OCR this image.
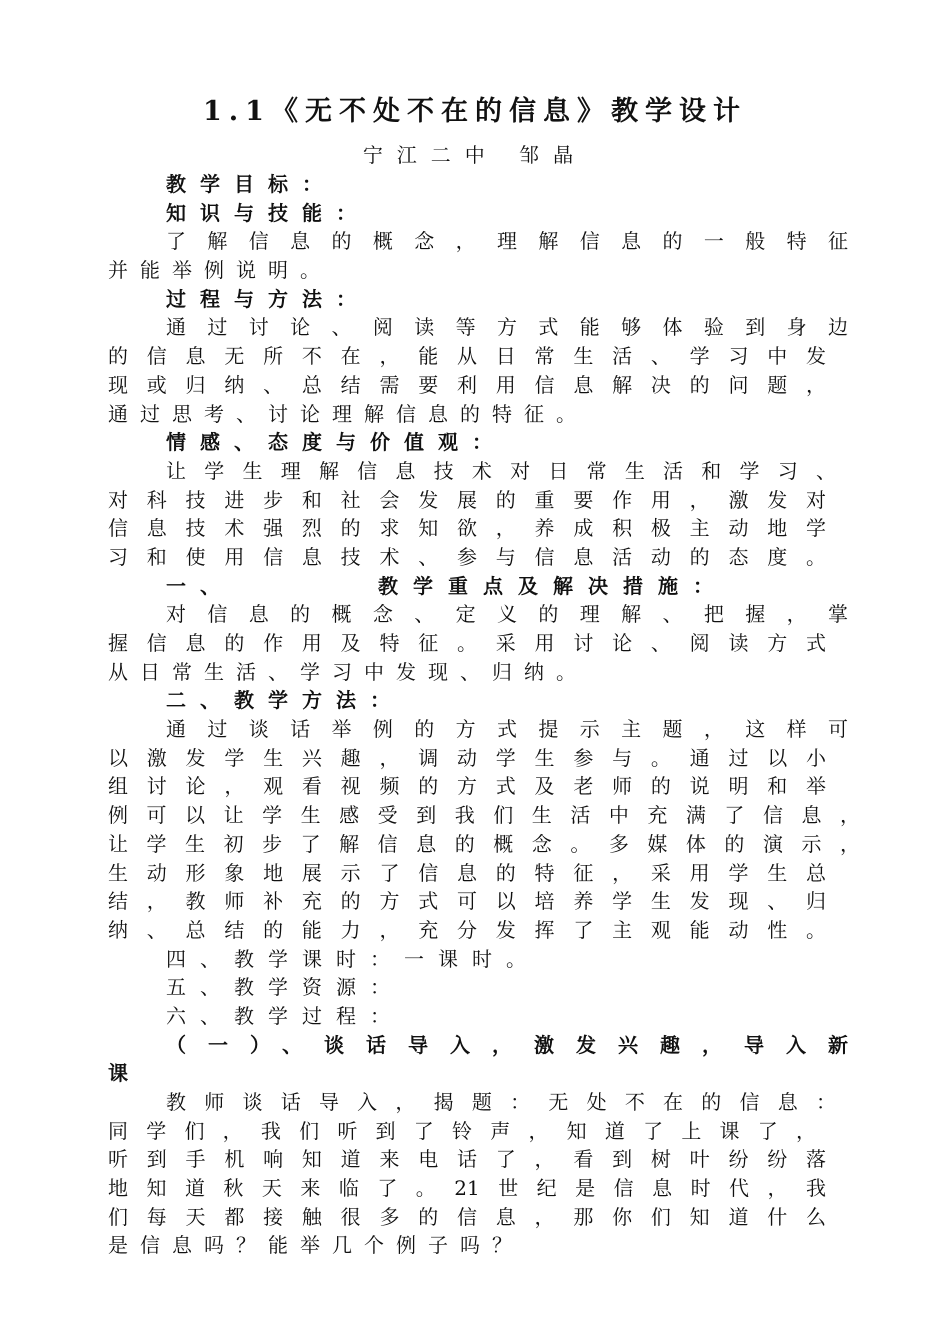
1.1《无不处不在的信息》教学设计
宁江二中 邹晶
教学目标：
知识与技能：
了解信息的概念，理解信息的一般特征
并能举例说明。
过程与方法：
通过讨论、阅读等方式能够体验到身边
的信息无所不在，能从日常生活、学习中发
现或归纳、总结需要利用信息解决的问题，
通过思考、讨论理解信息的特征。
情感、态度与价值观：
让学生理解信息技术对日常生活和学习、
对科技进步和社会发展的重要作用，激发对
信息技术强烈的求知欲，养成积极主动地学
习和使用信息技术、参与信息活动的态度。
一、	教学重点及解决措施：
对信息的概念、定义的理解、把握，掌
握信息的作用及特征。采用讨论、阅读方式
从日常生活、学习中发现、归纳。
二、教学方法：
通过谈话举例的方式提示主题，这样可
以激发学生兴趣，调动学生参与。通过以小
组讨论，观看视频的方式及老师的说明和举
例可以让学生感受到我们生活中充满了信息，
让学生初步了解信息的概念。多媒体的演示，
生动形象地展示了信息的特征，采用学生总
结，教师补充的方式可以培养学生发现、归
纳、总结的能力，充分发挥了主观能动性。
四、教学课时：一课时。
五、教学资源：
六、教学过程：
（一）、谈话导入，激发兴趣，导入新
课
教师谈话导入，揭题：无处不在的信息：
同学们，我们听到了铃声，知道了上课了，
听到手机响知道来电话了，看到树叶纷纷落
地知道秋天来临了。21世纪是信息时代，我
们每天都接触很多的信息，那你们知道什么
是信息吗？能举几个例子吗？
